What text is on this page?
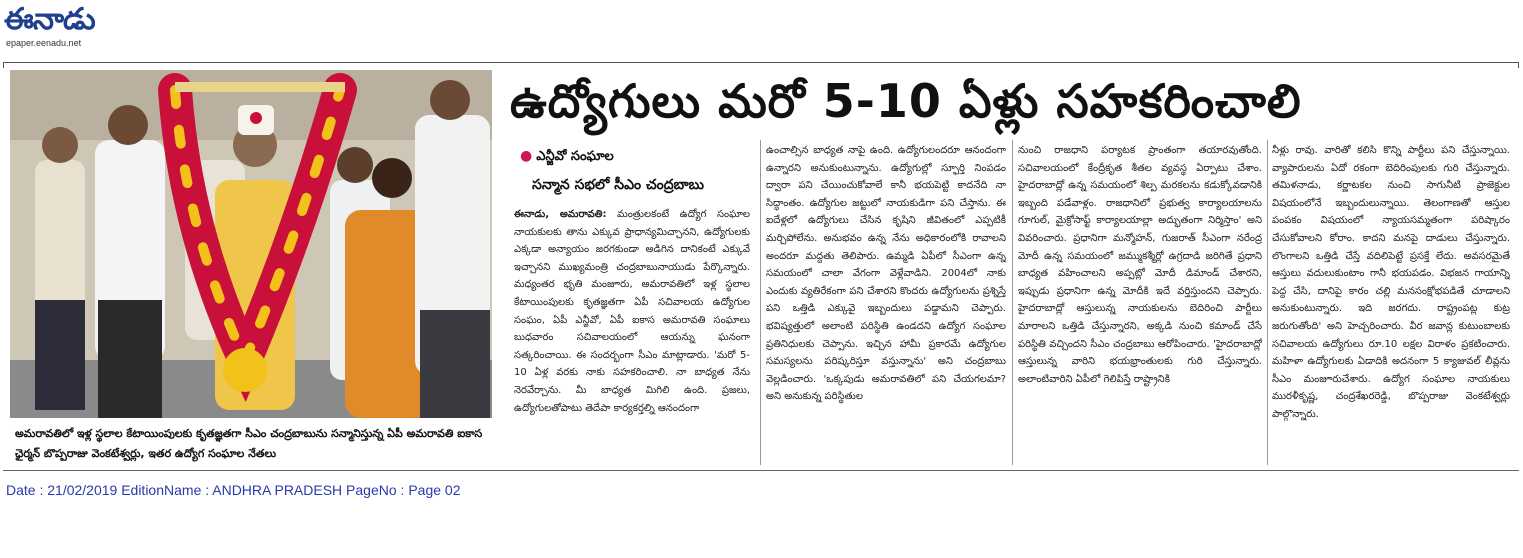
ఈనాడు
epaper.eenadu.net
అమరావతిలో ఇళ్ల స్థలాల కేటాయింపులకు కృతజ్ఞతగా సీఎం చంద్రబాబును సన్మానిస్తున్న ఏపీ అమరావతి ఐకాస ఛైర్మన్ బొప్పరాజు వెంకటేశ్వర్లు, ఇతర ఉద్యోగ సంఘాల నేతలు
ఉద్యోగులు మరో 5-10 ఏళ్లు సహకరించాలి
● ఎన్జీవో సంఘాల
సన్మాన సభలో సీఎం చంద్రబాబు

ఈనాడు, అమరావతి: మంత్రులకంటే ఉద్యోగ సంఘాల నాయకులకు తాను ఎక్కువ ప్రాధాన్యమిచ్చానని, ఉద్యోగులకు ఎక్కడా అన్యాయం జరగకుండా అడిగిన దానికంటే ఎక్కువే ఇచ్చానని ముఖ్యమంత్రి చంద్రబాబునాయుడు పేర్కొన్నారు. మధ్యంతర భృతి మంజూరు, అమరావతిలో ఇళ్ల స్థలాల కేటాయింపులకు కృతజ్ఞతగా ఏపీ సచివాలయ ఉద్యోగుల సంఘం, ఏపీ ఎన్జీవో, ఏపీ ఐకాస అమరావతి సంఘాలు బుధవారం సచివాలయంలో ఆయన్ను ఘనంగా సత్కరించాయి. ఈ సందర్భంగా సీఎం మాట్లాడారు. 'మరో 5-10 ఏళ్ల వరకు నాకు సహకరించాలి. నా బాధ్యత నేను నెరవేర్చాను. మీ బాధ్యత మిగిలి ఉంది. ప్రజలు, ఉద్యోగులతోపాటు తెదేపా కార్యకర్తల్ని ఆనందంగా

ఉంచాల్సిన బాధ్యత నాపై ఉంది. ఉద్యోగులందరూ ఆనందంగా ఉన్నారని అనుకుంటున్నాను. ఉద్యోగుల్లో స్ఫూర్తి నింపడం ద్వారా పని చేయించుకోవాలే కానీ భయపెట్టి కాదనేది నా సిద్ధాంతం. ఉద్యోగుల జట్టులో నాయకుడిగా పని చేస్తాను. ఈ ఐదేళ్లలో ఉద్యోగులు చేసిన కృషిని జీవితంలో ఎప్పటికీ మర్చిపోలేను. అనుభవం ఉన్న నేను అధికారంలోకి రావాలని అందరూ మద్దతు తెలిపారు. ఉమ్మడి ఏపీలో సీఎంగా ఉన్న సమయంలో చాలా వేగంగా వెళ్లేవాడిని. 2004లో నాకు ఎందుకు వ్యతిరేకంగా పని చేశారని కొందరు ఉద్యోగులను ప్రశ్నిస్తే పని ఒత్తిడి ఎక్కువై ఇబ్బందులు పడ్డామని చెప్పారు. భవిష్యత్తులో అలాంటి పరిస్థితి ఉండదని ఉద్యోగ సంఘాల ప్రతినిధులకు చెప్పాను. ఇచ్చిన హామీ ప్రకారమే ఉద్యోగుల సమస్యలను పరిష్కరిస్తూ వస్తున్నాను' అని చంద్రబాబు వెల్లడించారు. 'ఒక్కపుడు అమరావతిలో పని చేయగలమా? అని అనుకున్న పరిస్థితుల

నుంచి రాజధాని పర్యాటక ప్రాంతంగా తయారవుతోంది. సచివాలయంలో కేంద్రీకృత శీతల వ్యవస్థ ఏర్పాటు చేశాం. హైదరాబాద్లో ఉన్న సమయంలో శిల్ప మరకలను కడుక్కోవడానికి ఇబ్బంది పడేవాళ్లం. రాజధానిలో ప్రభుత్వ కార్యాలయాలను గూగుల్, మైక్రోసాఫ్ట్ కార్యాలయాల్లా అద్భుతంగా నిర్మిస్తాం' అని వివరించారు. ప్రధానిగా మన్మోహన్, గుజరాత్ సీఎంగా నరేంద్ర మోదీ ఉన్న సమయంలో జమ్ముకశ్మీర్లో ఉగ్రదాడి జరిగితే ప్రధాని బాధ్యత వహించాలని అప్పట్లో మోదీ డిమాండ్ చేశారని, ఇప్పుడు ప్రధానిగా ఉన్న మోదీకి ఇదే వర్తిస్తుందని చెప్పారు. హైదరాబాద్లో ఆస్తులున్న నాయకులను బెదిరించి పార్టీలు మారాలని ఒత్తిడి చేస్తున్నారని, అక్కడి నుంచి కమాండ్ చేసే పరిస్థితి వచ్చిందని సీఎం చంద్రబాబు ఆరోపించారు. 'హైదరాబాద్లో ఆస్తులున్న వారిని భయభ్రాంతులకు గురి చేస్తున్నారు. అలాంటివారిని ఏపీలో గెలిపిస్తే రాష్ట్రానికి

నీళ్లు రావు. వారితో కలిసి కొన్ని పార్టీలు పని చేస్తున్నాయి. వ్యాపారులను ఏదో రకంగా బెదిరింపులకు గురి చేస్తున్నారు. తమిళనాడు, కర్ణాటకల నుంచి సాగునీటి ప్రాజెక్టుల విషయంలోనే ఇబ్బందులున్నాయి. తెలంగాణతో ఆస్తుల పంపకం విషయంలో న్యాయసమ్మతంగా పరిష్కారం చేసుకోవాలని కోరాం. కాదని మనపై దాడులు చేస్తున్నారు. లొంగాలని ఒత్తిడి చేస్తే వదిలిపెట్టే ప్రసక్తే లేదు. అవసరమైతే ఆస్తులు వదులుకుంటాం గానీ భయపడం. విభజన గాయాన్ని పెద్ద చేసి, దానిపై కారం చల్లి మనసంక్షోభపడితే చూడాలని అనుకుంటున్నారు. ఇది జరగదు. రాష్ట్రంపట్ల కుట్ర జరుగుతోంది' అని హెచ్చరించారు. వీర జవాన్ల కుటుంబాలకు సచివాలయ ఉద్యోగులు రూ.10 లక్షల విరాళం ప్రకటించారు. మహిళా ఉద్యోగులకు ఏడాదికి అదనంగా 5 క్యాజువల్ లీవ్లను సీఎం మంజూరుచేశారు. ఉద్యోగ సంఘాల నాయకులు మురళీకృష్ణ, చంద్రశేఖరరెడ్డి, బొప్పరాజు వెంకటేశ్వర్లు పాల్గొన్నారు.

Date : 21/02/2019 EditionName : ANDHRA PRADESH PageNo : Page 02
